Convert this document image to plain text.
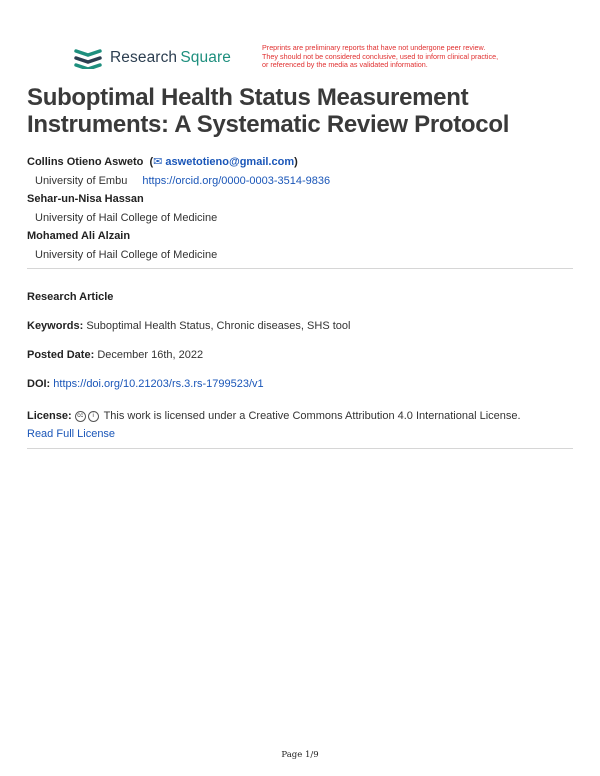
Research  Square
Preprints are preliminary reports that have not undergone peer review.
They should not be considered conclusive, used to inform clinical practice,
or referenced by the media as validated information.
Suboptimal Health Status Measurement
Instruments: A Systematic Review Protocol
Collins Otieno Asweto  (✉ aswetotieno@gmail.com)
University of Embu https://orcid.org/0000-0003-3514-9836
Sehar-un-Nisa Hassan
University of Hail College of Medicine
Mohamed Ali Alzain
University of Hail College of Medicine
Research Article
Keywords: Suboptimal Health Status, Chronic diseases, SHS tool
Posted Date: December 16th, 2022
DOI: https://doi.org/10.21203/rs.3.rs-1799523/v1
License: cc i This work is licensed under a Creative Commons Attribution 4.0 International License.
Read Full License
Page 1/9
